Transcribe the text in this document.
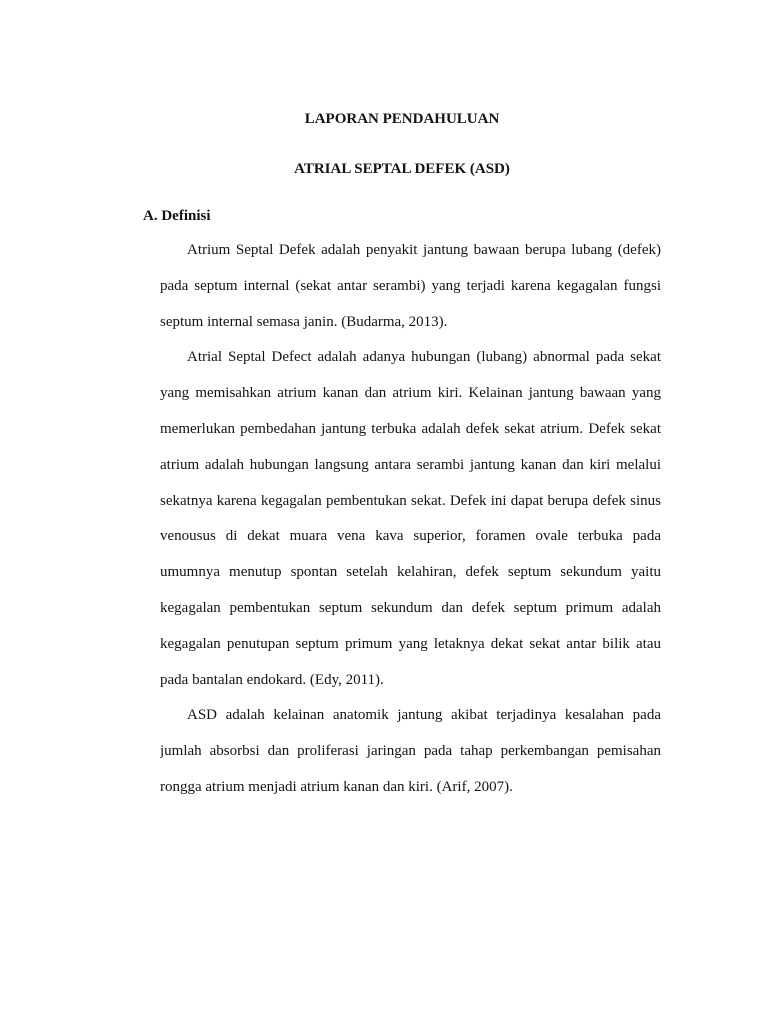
LAPORAN PENDAHULUAN
ATRIAL SEPTAL DEFEK (ASD)
A. Definisi
Atrium Septal Defek adalah penyakit jantung bawaan berupa lubang (defek)
pada septum internal (sekat antar serambi) yang terjadi karena kegagalan fungsi
septum internal semasa janin. (Budarma, 2013).
Atrial Septal Defect adalah adanya hubungan (lubang) abnormal pada sekat
yang memisahkan atrium kanan dan atrium kiri. Kelainan jantung bawaan yang
memerlukan pembedahan jantung terbuka adalah defek sekat atrium. Defek sekat
atrium adalah hubungan langsung antara serambi jantung kanan dan kiri melalui
sekatnya karena kegagalan pembentukan sekat. Defek ini dapat berupa defek sinus
venousus di dekat muara vena kava superior, foramen ovale terbuka pada
umumnya menutup spontan setelah kelahiran, defek septum sekundum yaitu
kegagalan pembentukan septum sekundum dan defek septum primum adalah
kegagalan penutupan septum primum yang letaknya dekat sekat antar bilik atau
pada bantalan endokard. (Edy, 2011).
ASD adalah kelainan anatomik jantung akibat terjadinya kesalahan pada
jumlah absorbsi dan proliferasi jaringan pada tahap perkembangan pemisahan
rongga atrium menjadi atrium kanan dan kiri. (Arif, 2007).
